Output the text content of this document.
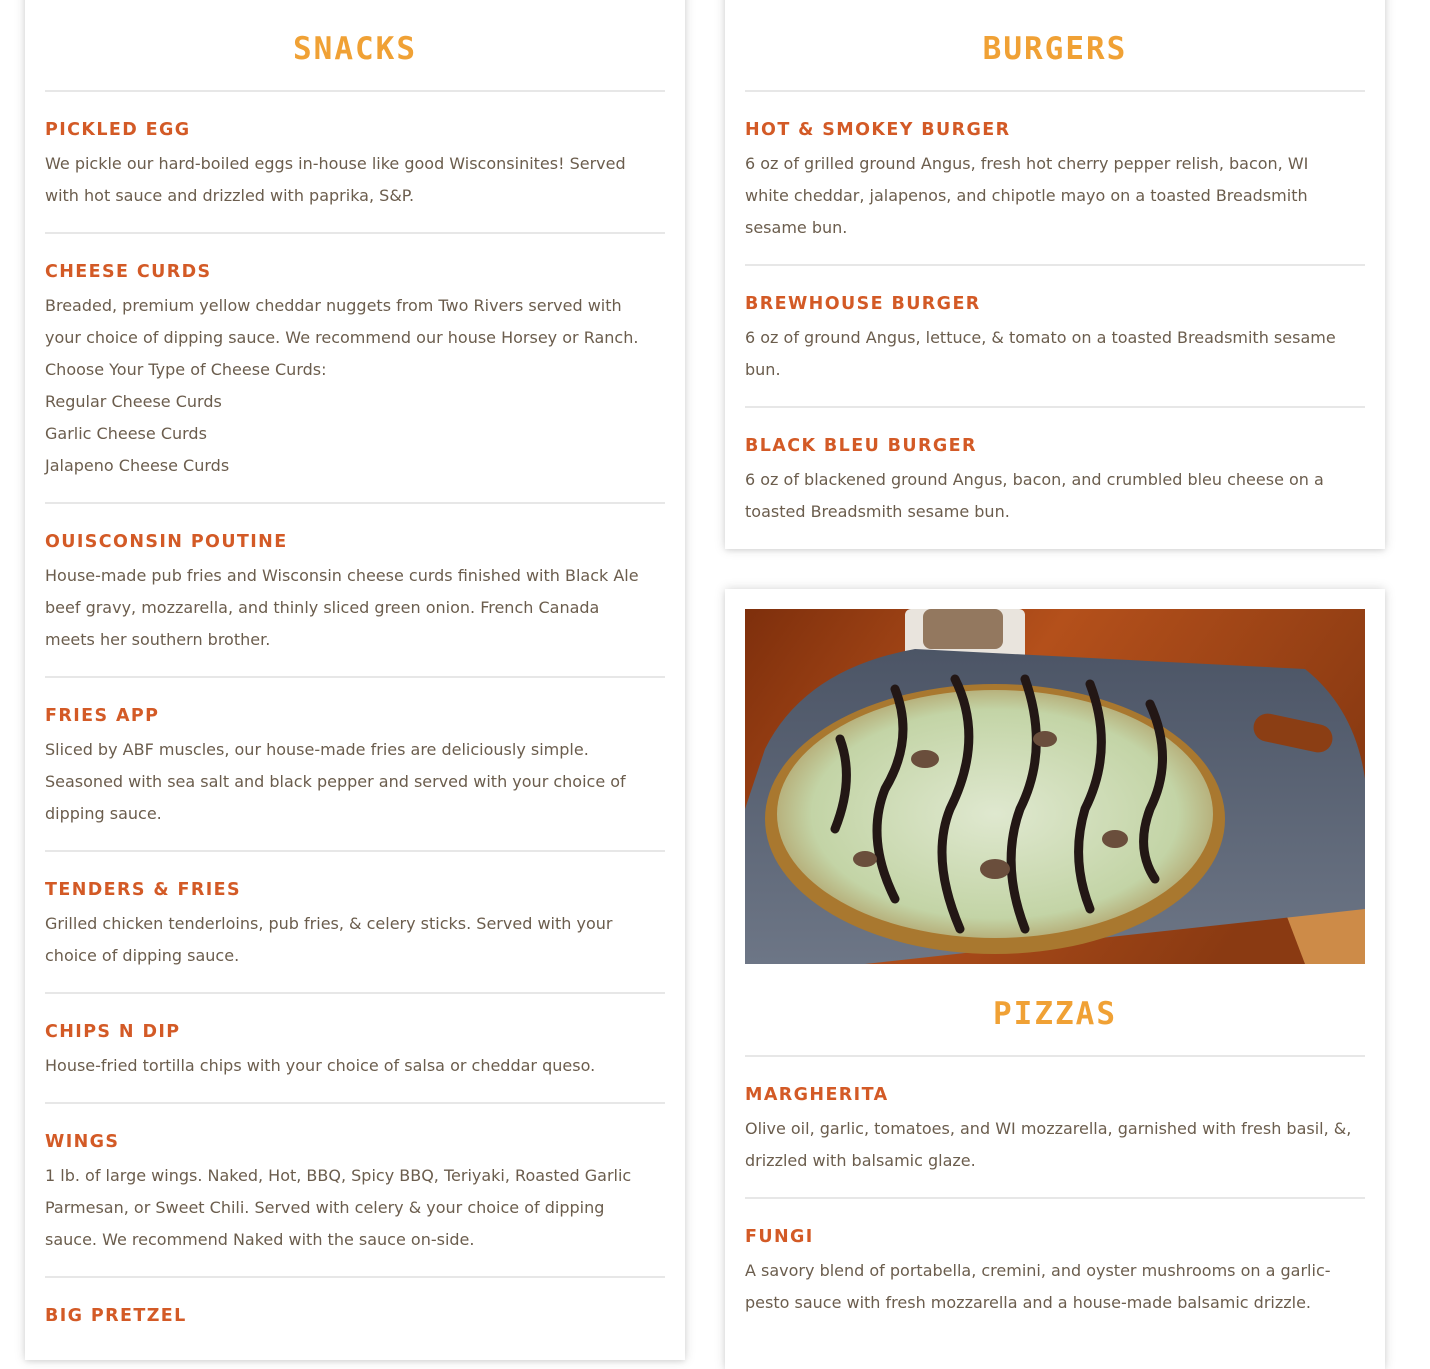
SNACKS
PICKLED EGG
We pickle our hard-boiled eggs in-house like good Wisconsinites! Served
with hot sauce and drizzled with paprika, S&P.
CHEESE CURDS
Breaded, premium yellow cheddar nuggets from Two Rivers served with
your choice of dipping sauce. We recommend our house Horsey or Ranch.
Choose Your Type of Cheese Curds:
Regular Cheese Curds
Garlic Cheese Curds
Jalapeno Cheese Curds
OUISCONSIN POUTINE
House-made pub fries and Wisconsin cheese curds finished with Black Ale
beef gravy, mozzarella, and thinly sliced green onion. French Canada
meets her southern brother.
FRIES APP
Sliced by ABF muscles, our house-made fries are deliciously simple.
Seasoned with sea salt and black pepper and served with your choice of
dipping sauce.
TENDERS & FRIES
Grilled chicken tenderloins, pub fries, & celery sticks. Served with your
choice of dipping sauce.
CHIPS N DIP
House-fried tortilla chips with your choice of salsa or cheddar queso.
WINGS
1 lb. of large wings. Naked, Hot, BBQ, Spicy BBQ, Teriyaki, Roasted Garlic
Parmesan, or Sweet Chili. Served with celery & your choice of dipping
sauce. We recommend Naked with the sauce on-side.
BIG PRETZEL
BURGERS
HOT & SMOKEY BURGER
6 oz of grilled ground Angus, fresh hot cherry pepper relish, bacon, WI
white cheddar, jalapenos, and chipotle mayo on a toasted Breadsmith
sesame bun.
BREWHOUSE BURGER
6 oz of ground Angus, lettuce, & tomato on a toasted Breadsmith sesame
bun.
BLACK BLEU BURGER
6 oz of blackened ground Angus, bacon, and crumbled bleu cheese on a
toasted Breadsmith sesame bun.
PIZZAS
MARGHERITA
Olive oil, garlic, tomatoes, and WI mozzarella, garnished with fresh basil, &,
drizzled with balsamic glaze.
FUNGI
A savory blend of portabella, cremini, and oyster mushrooms on a garlic-
pesto sauce with fresh mozzarella and a house-made balsamic drizzle.
